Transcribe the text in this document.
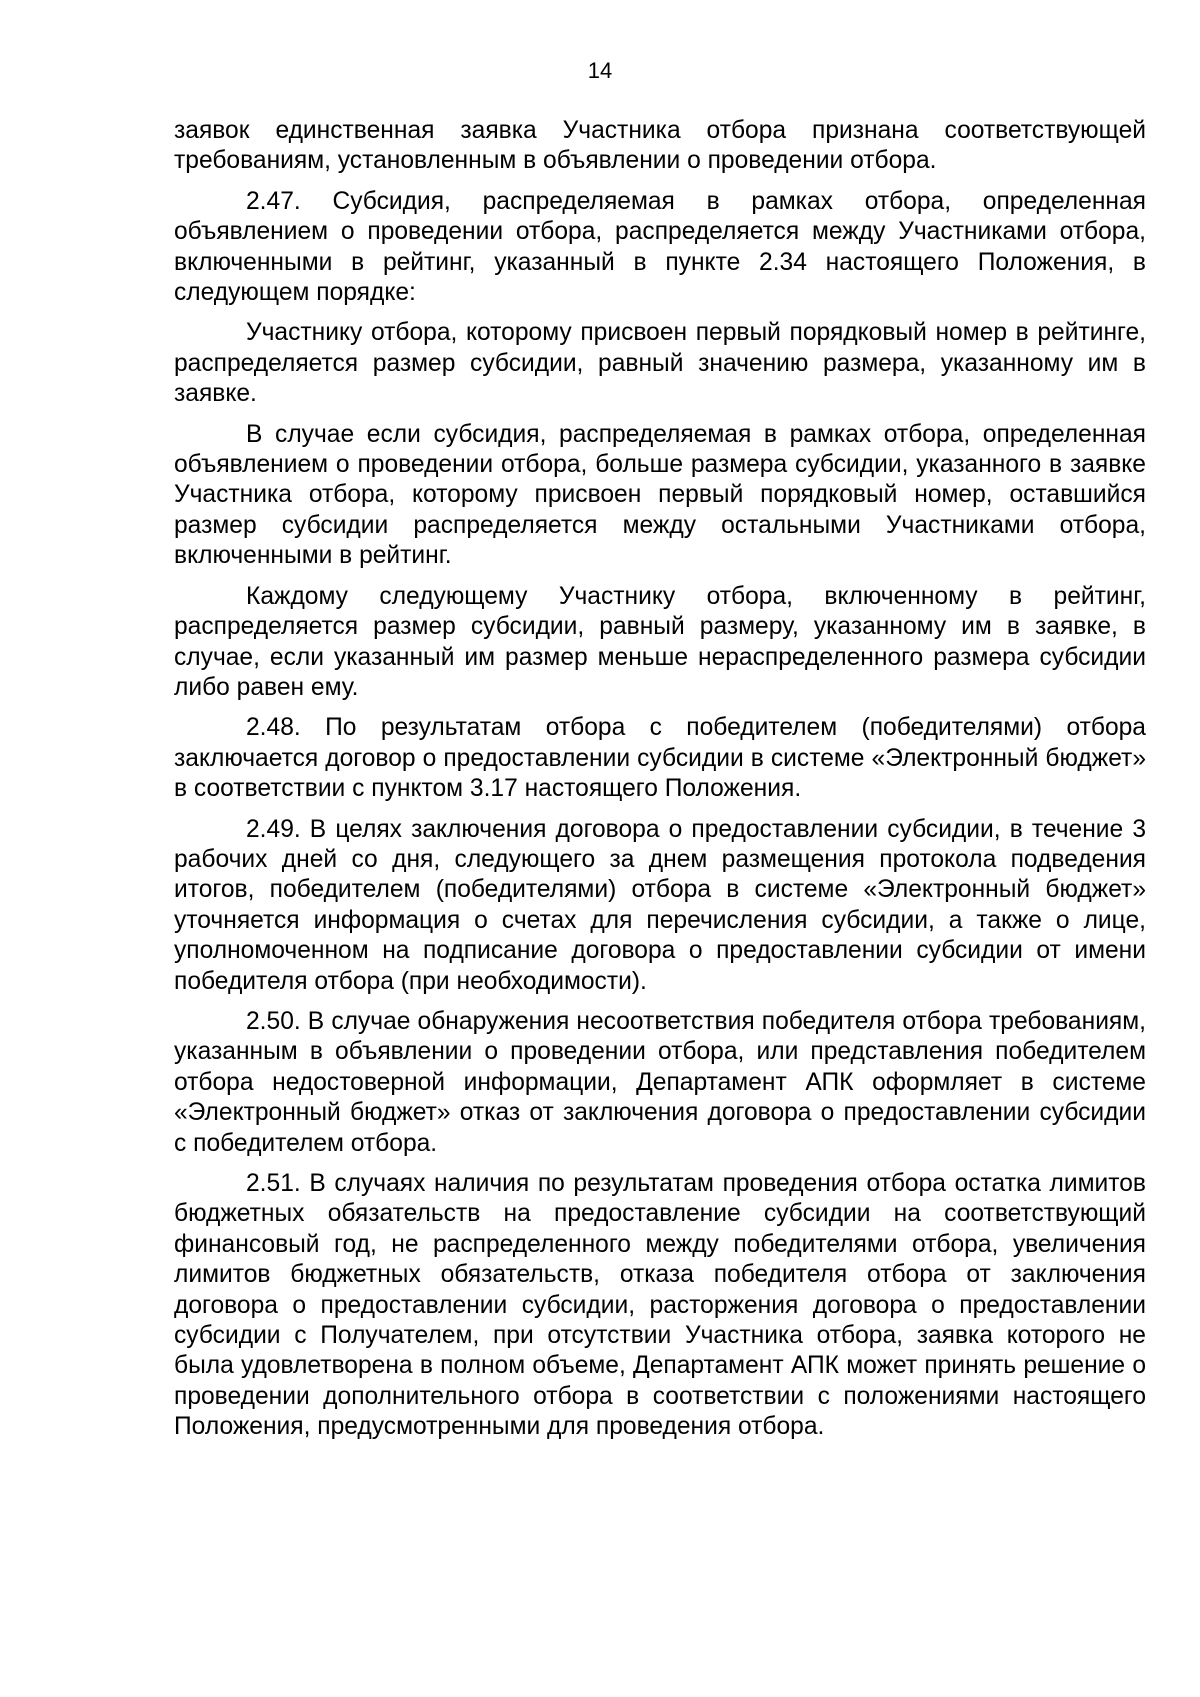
14

заявок единственная заявка Участника отбора признана соответствующей требованиям, установленным в объявлении о проведении отбора.

2.47. Субсидия, распределяемая в рамках отбора, определенная объявлением о проведении отбора, распределяется между Участниками отбора, включенными в рейтинг, указанный в пункте 2.34 настоящего Положения, в следующем порядке:

Участнику отбора, которому присвоен первый порядковый номер в рейтинге, распределяется размер субсидии, равный значению размера, указанному им в заявке.

В случае если субсидия, распределяемая в рамках отбора, определенная объявлением о проведении отбора, больше размера субсидии, указанного в заявке Участника отбора, которому присвоен первый порядковый номер, оставшийся размер субсидии распределяется между остальными Участниками отбора, включенными в рейтинг.

Каждому следующему Участнику отбора, включенному в рейтинг, распределяется размер субсидии, равный размеру, указанному им в заявке, в случае, если указанный им размер меньше нераспределенного размера субсидии либо равен ему.

2.48. По результатам отбора с победителем (победителями) отбора заключается договор о предоставлении субсидии в системе «Электронный бюджет» в соответствии с пунктом 3.17 настоящего Положения.

2.49. В целях заключения договора о предоставлении субсидии, в течение 3 рабочих дней со дня, следующего за днем размещения протокола подведения итогов, победителем (победителями) отбора в системе «Электронный бюджет» уточняется информация о счетах для перечисления субсидии, а также о лице, уполномоченном на подписание договора о предоставлении субсидии от имени победителя отбора (при необходимости).

2.50. В случае обнаружения несоответствия победителя отбора требованиям, указанным в объявлении о проведении отбора, или представления победителем отбора недостоверной информации, Департамент АПК оформляет в системе «Электронный бюджет» отказ от заключения договора о предоставлении субсидии с победителем отбора.

2.51. В случаях наличия по результатам проведения отбора остатка лимитов бюджетных обязательств на предоставление субсидии на соответствующий финансовый год, не распределенного между победителями отбора, увеличения лимитов бюджетных обязательств, отказа победителя отбора от заключения договора о предоставлении субсидии, расторжения договора о предоставлении субсидии с Получателем, при отсутствии Участника отбора, заявка которого не была удовлетворена в полном объеме, Департамент АПК может принять решение о проведении дополнительного отбора в соответствии с положениями настоящего Положения, предусмотренными для проведения отбора.
